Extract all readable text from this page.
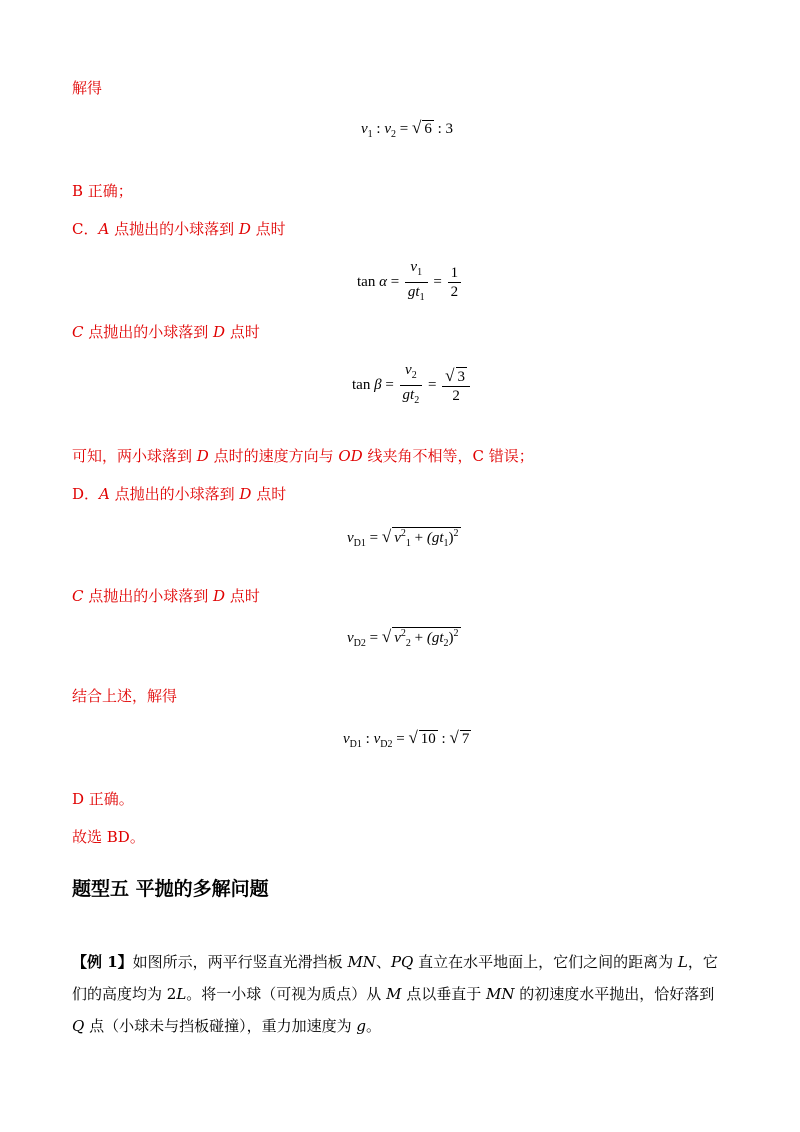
解得
$v_1$ : $v_2$ = √ 6 : 3
B 正确；
C．A 点抛出的小球落到 D 点时
$\tan \alpha = \frac{v_1}{gt_1} = \frac{1}{2}$
C 点抛出的小球落到 D 点时
$\tan \beta = \frac{v_2}{gt_2} = \frac{√ 3}{2}$
可知，两小球落到 D 点时的速度方向与 OD 线夹角不相等，C 错误；
D．A 点抛出的小球落到 D 点时
$v_{D1}$ = √ $v^2_1 + (gt_1)^2$
C 点抛出的小球落到 D 点时
$v_{D2}$ = √ $v^2_2 + (gt_2)^2$
结合上述，解得
$v_{D1}$ : $v_{D2}$ = √ 10 : √ 7
D 正确。
故选 BD。
题型五 平抛的多解问题
【例 1】如图所示，两平行竖直光滑挡板 MN、PQ 直立在水平地面上，它们之间的距离为 L，它们的高度均为 2L。将一小球（可视为质点）从 M 点以垂直于 MN 的初速度水平抛出，恰好落到 Q 点（小球未与挡板碰撞），重力加速度为 g。
